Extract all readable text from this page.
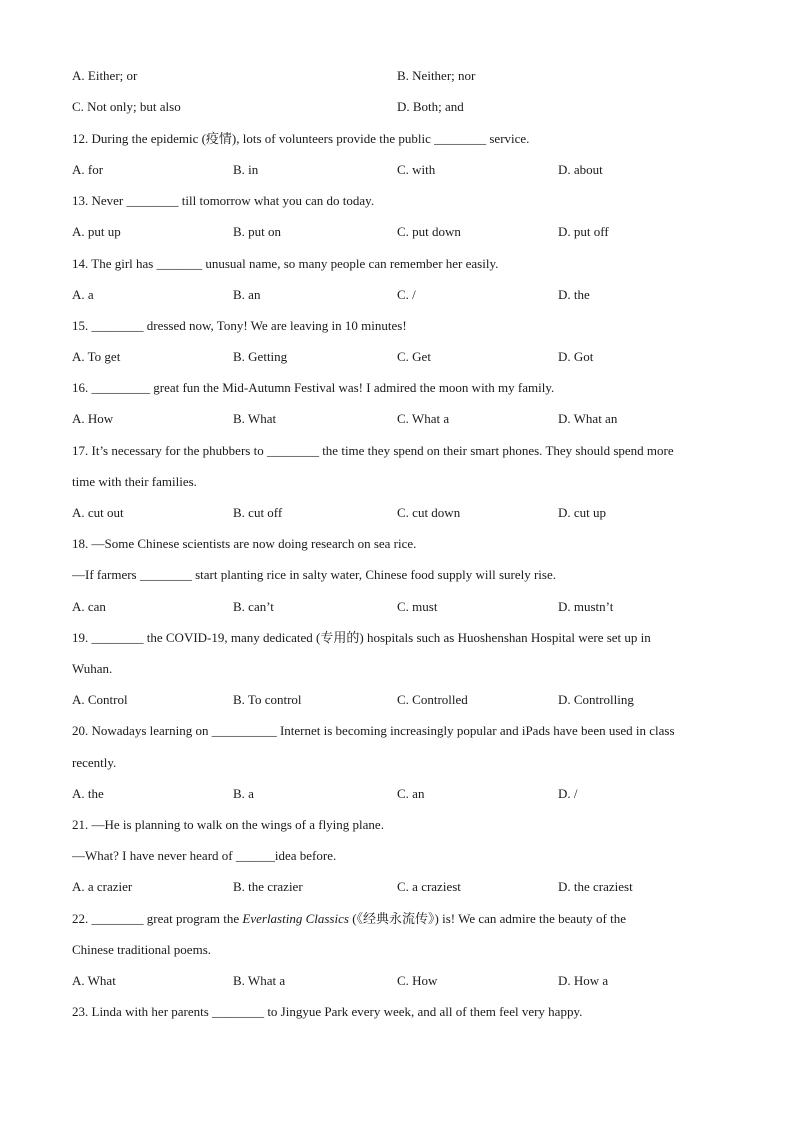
A. Either; or	B. Neither; nor
C. Not only; but also	D. Both; and
12. During the epidemic (疫情), lots of volunteers provide the public ________ service.
A. for	B. in	C. with	D. about
13. Never ________ till tomorrow what you can do today.
A. put up	B. put on	C. put down	D. put off
14. The girl has _______ unusual name, so many people can remember her easily.
A. a	B. an	C. /	D. the
15. ________ dressed now, Tony! We are leaving in 10 minutes!
A. To get	B. Getting	C. Get	D. Got
16. _________ great fun the Mid-Autumn Festival was! I admired the moon with my family.
A. How	B. What	C. What a	D. What an
17. It’s necessary for the phubbers to ________ the time they spend on their smart phones. They should spend more
time with their families.
A. cut out	B. cut off	C. cut down	D. cut up
18. —Some Chinese scientists are now doing research on sea rice.
—If farmers ________ start planting rice in salty water, Chinese food supply will surely rise.
A. can	B. can’t	C. must	D. mustn’t
19. ________ the COVID-19, many dedicated (专用的) hospitals such as Huoshenshan Hospital were set up in
Wuhan.
A. Control	B. To control	C. Controlled	D. Controlling
20. Nowadays learning on __________ Internet is becoming increasingly popular and iPads have been used in class
recently.
A. the	B. a	C. an	D. /
21. —He is planning to walk on the wings of a flying plane.
—What? I have never heard of ______idea before.
A. a crazier	B. the crazier	C. a craziest	D. the craziest
22. ________ great program the Everlasting Classics (《经典永流传》) is! We can admire the beauty of the
Chinese traditional poems.
A. What	B. What a	C. How	D. How a
23. Linda with her parents ________ to Jingyue Park every week, and all of them feel very happy.
